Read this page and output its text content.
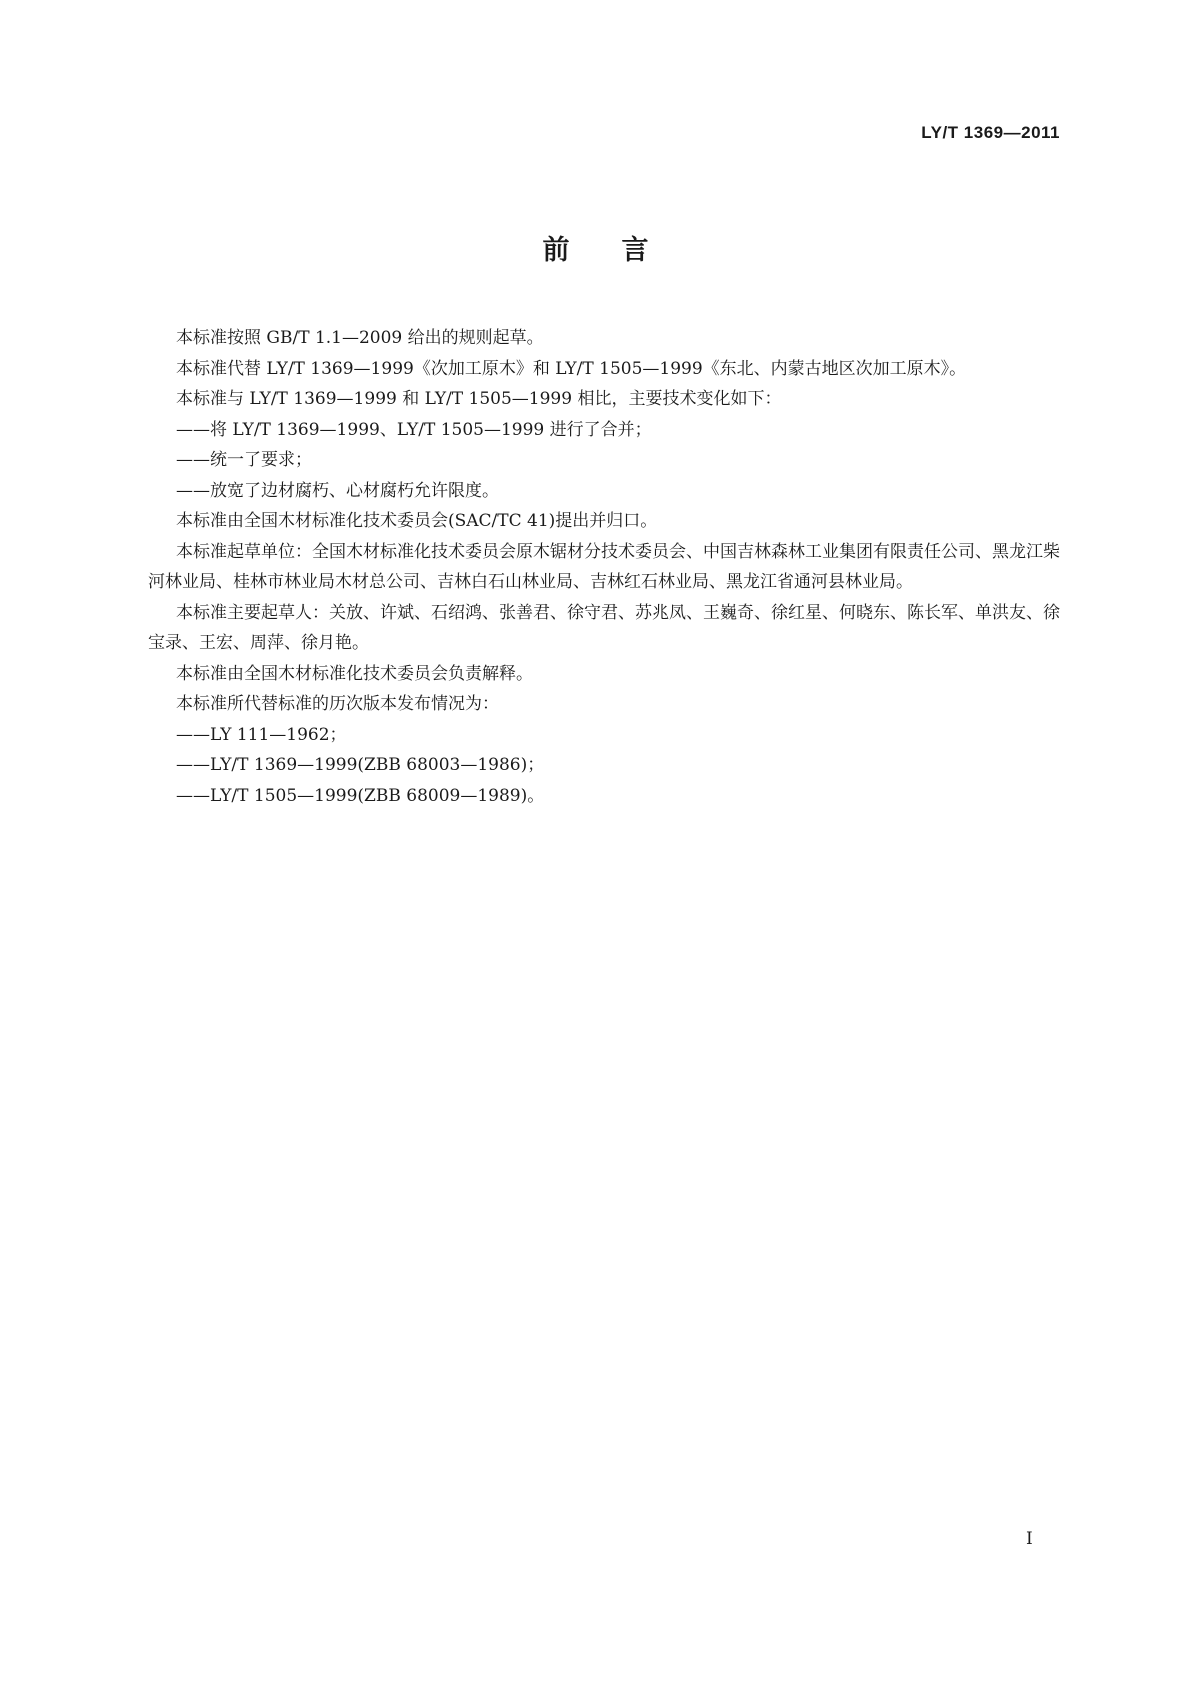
LY/T 1369—2011
前言

本标准按照 GB/T 1.1—2009 给出的规则起草。

本标准代替 LY/T 1369—1999《次加工原木》和 LY/T 1505—1999《东北、内蒙古地区次加工原木》。

本标准与 LY/T 1369—1999 和 LY/T 1505—1999 相比，主要技术变化如下：

——将 LY/T 1369—1999、LY/T 1505—1999 进行了合并；

——统一了要求；

——放宽了边材腐朽、心材腐朽允许限度。

本标准由全国木材标准化技术委员会(SAC/TC 41)提出并归口。

本标准起草单位：全国木材标准化技术委员会原木锯材分技术委员会、中国吉林森林工业集团有限责任公司、黑龙江柴河林业局、桂林市林业局木材总公司、吉林白石山林业局、吉林红石林业局、黑龙江省通河县林业局。

本标准主要起草人：关放、许斌、石绍鸿、张善君、徐守君、苏兆凤、王巍奇、徐红星、何晓东、陈长军、单洪友、徐宝录、王宏、周萍、徐月艳。

本标准由全国木材标准化技术委员会负责解释。

本标准所代替标准的历次版本发布情况为：

——LY 111—1962；

——LY/T 1369—1999(ZBB 68003—1986)；

——LY/T 1505—1999(ZBB 68009—1989)。

I
